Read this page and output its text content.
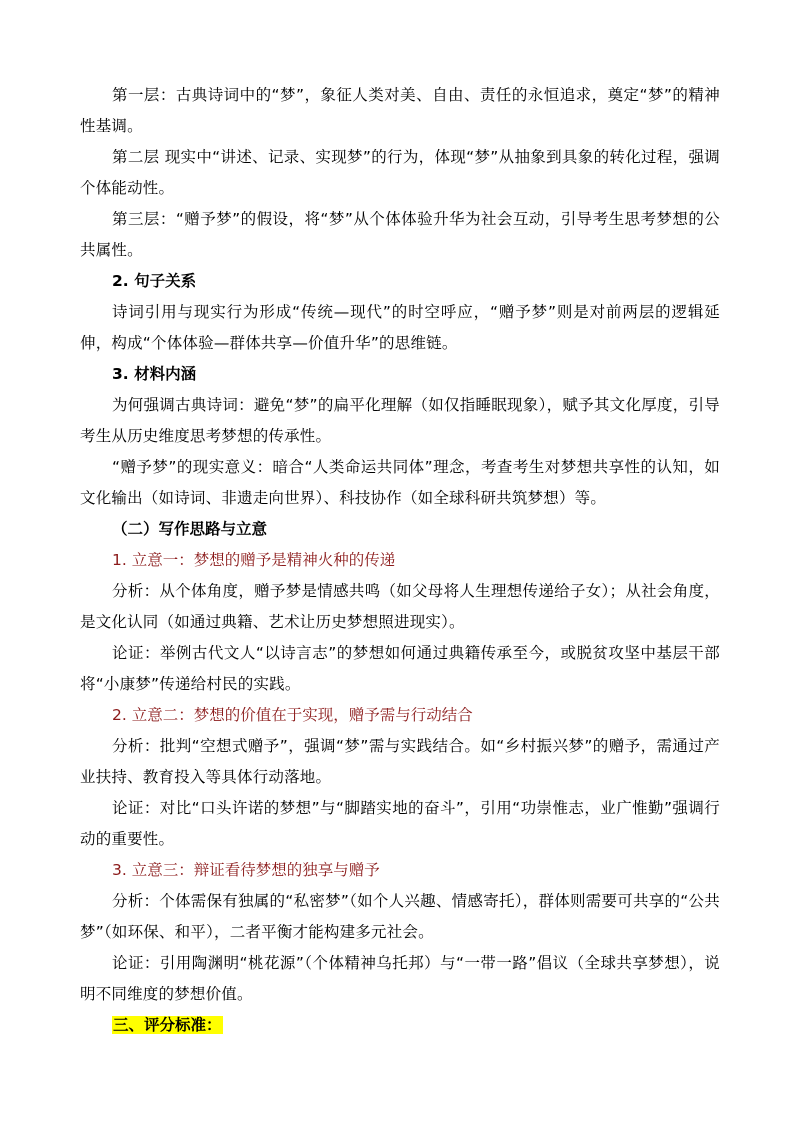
第一层：古典诗词中的“梦”，象征人类对美、自由、责任的永恒追求，奠定“梦”的精神性基调。

第二层 现实中“讲述、记录、实现梦”的行为，体现“梦”从抽象到具象的转化过程，强调个体能动性。

第三层：“赠予梦”的假设，将“梦”从个体体验升华为社会互动，引导考生思考梦想的公共属性。

2. 句子关系

诗词引用与现实行为形成“传统—现代”的时空呼应，“赠予梦”则是对前两层的逻辑延伸，构成“个体体验—群体共享—价值升华”的思维链。

3. 材料内涵

为何强调古典诗词：避免“梦”的扁平化理解（如仅指睡眠现象），赋予其文化厚度，引导考生从历史维度思考梦想的传承性。

“赠予梦”的现实意义：暗合“人类命运共同体”理念，考查考生对梦想共享性的认知，如文化输出（如诗词、非遗走向世界）、科技协作（如全球科研共筑梦想）等。

（二）写作思路与立意

1. 立意一：梦想的赠予是精神火种的传递

分析：从个体角度，赠予梦是情感共鸣（如父母将人生理想传递给子女）；从社会角度，是文化认同（如通过典籍、艺术让历史梦想照进现实）。

论证：举例古代文人“以诗言志”的梦想如何通过典籍传承至今，或脱贫攻坚中基层干部将“小康梦”传递给村民的实践。

2. 立意二：梦想的价值在于实现，赠予需与行动结合

分析：批判“空想式赠予”，强调“梦”需与实践结合。如“乡村振兴梦”的赠予，需通过产业扶持、教育投入等具体行动落地。

论证：对比“口头许诺的梦想”与“脚踏实地的奋斗”，引用“功崇惟志，业广惟勤”强调行动的重要性。

3. 立意三：辩证看待梦想的独享与赠予

分析：个体需保有独属的“私密梦”（如个人兴趣、情感寄托），群体则需要可共享的“公共梦”（如环保、和平），二者平衡才能构建多元社会。

论证：引用陶渊明“桃花源”（个体精神乌托邦）与“一带一路”倡议（全球共享梦想），说明不同维度的梦想价值。

三、评分标准：
